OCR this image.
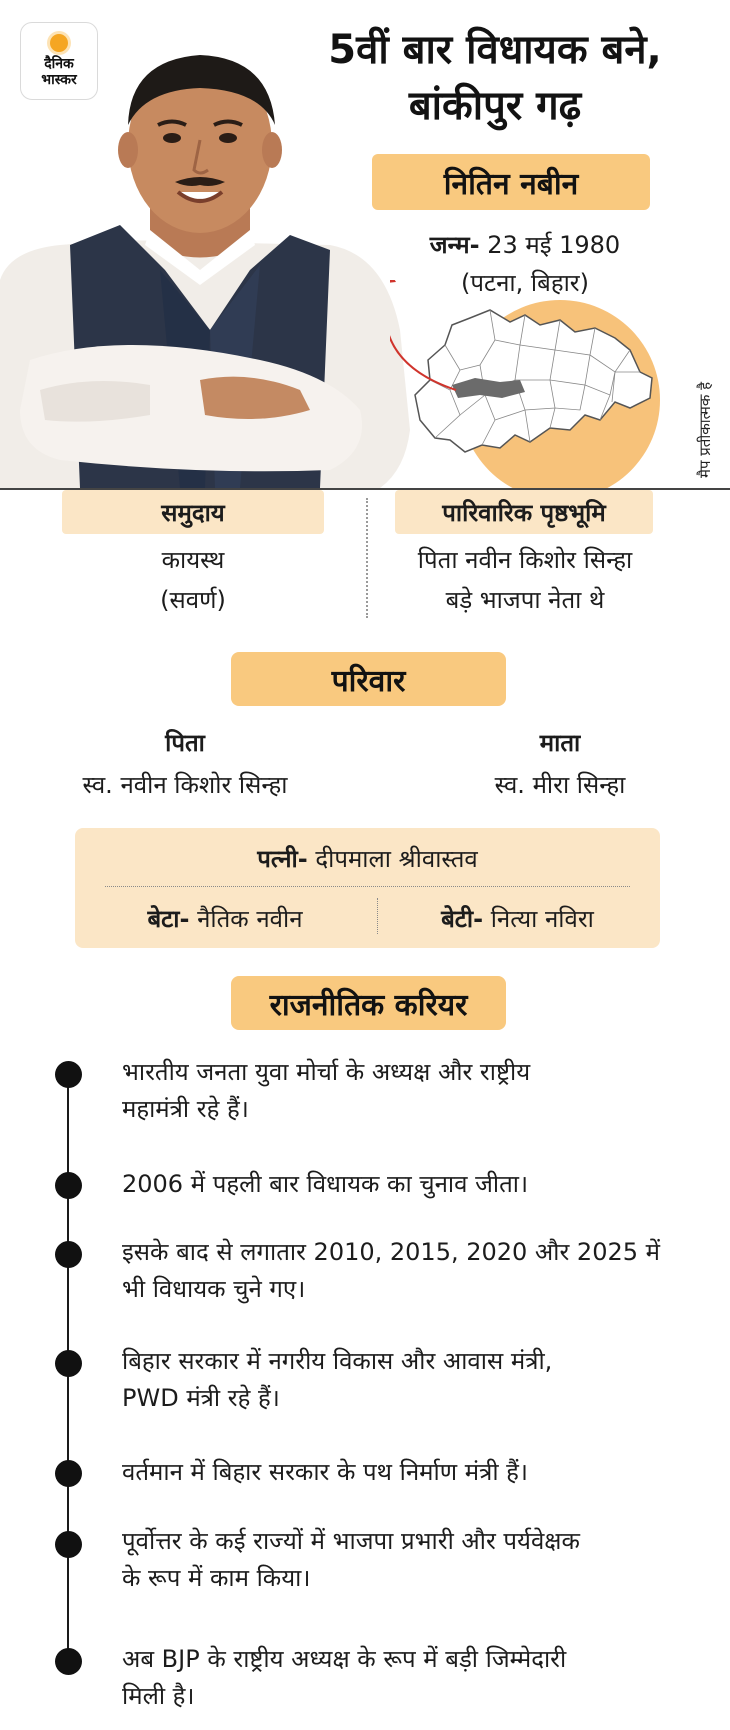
दैनिक
भास्कर
5वीं बार विधायक बने,
बांकीपुर गढ़
नितिन नबीन
जन्म- 23 मई 1980
(पटना, बिहार)
मैप प्रतीकात्मक है
समुदाय	पारिवारिक पृष्ठभूमि
कायस्थ
(सवर्ण)
पिता नवीन किशोर सिन्हा
बड़े भाजपा नेता थे
परिवार
पिता
स्व. नवीन किशोर सिन्हा
माता
स्व. मीरा सिन्हा
पत्नी- दीपमाला श्रीवास्तव
बेटा- नैतिक नवीन	बेटी- नित्या नविरा
राजनीतिक करियर
भारतीय जनता युवा मोर्चा के अध्यक्ष और राष्ट्रीय
महामंत्री रहे हैं।
2006 में पहली बार विधायक का चुनाव जीता।
इसके बाद से लगातार 2010, 2015, 2020 और 2025 में
भी विधायक चुने गए।
बिहार सरकार में नगरीय विकास और आवास मंत्री,
PWD मंत्री रहे हैं।
वर्तमान में बिहार सरकार के पथ निर्माण मंत्री हैं।
पूर्वोत्तर के कई राज्यों में भाजपा प्रभारी और पर्यवेक्षक
के रूप में काम किया।
अब BJP के राष्ट्रीय अध्यक्ष के रूप में बड़ी जिम्मेदारी
मिली है।
